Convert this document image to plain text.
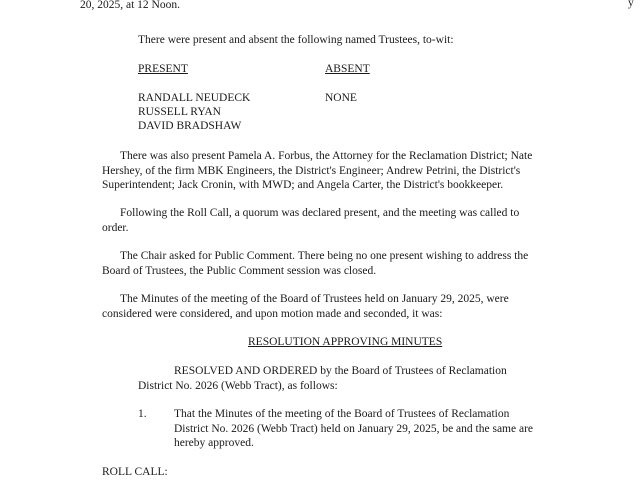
20, 2025, at 12 Noon.	y
There were present and absent the following named Trustees, to-wit:
PRESENT	ABSENT
RANDALL NEUDECK
RUSSELL RYAN
DAVID BRADSHAW
NONE
There was also present Pamela A. Forbus, the Attorney for the Reclamation District; Nate
Hershey, of the firm MBK Engineers, the District's Engineer; Andrew Petrini, the District's
Superintendent; Jack Cronin, with MWD; and Angela Carter, the District's bookkeeper.
Following the Roll Call, a quorum was declared present, and the meeting was called to
order.
The Chair asked for Public Comment. There being no one present wishing to address the
Board of Trustees, the Public Comment session was closed.
The Minutes of the meeting of the Board of Trustees held on January 29, 2025, were
considered were considered, and upon motion made and seconded, it was:
RESOLUTION APPROVING MINUTES
RESOLVED AND ORDERED by the Board of Trustees of Reclamation
District No. 2026 (Webb Tract), as follows:
1. That the Minutes of the meeting of the Board of Trustees of Reclamation
District No. 2026 (Webb Tract) held on January 29, 2025, be and the same are
hereby approved.
ROLL CALL:
